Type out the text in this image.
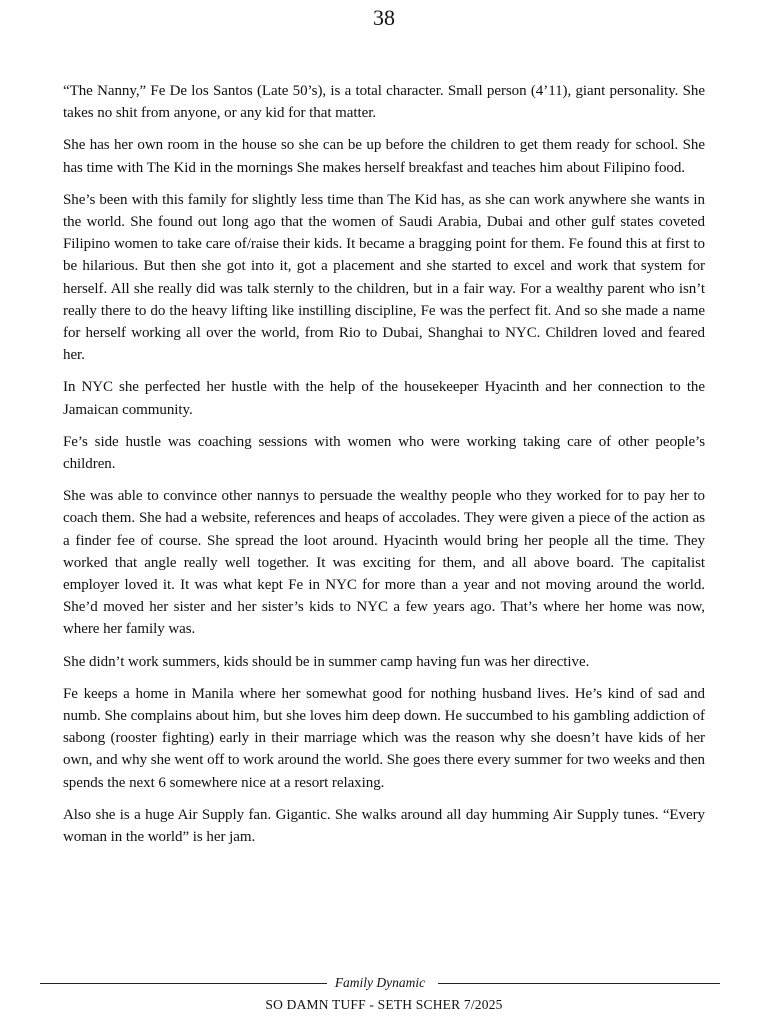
38

“The Nanny,” Fe De los Santos (Late 50’s), is a total character. Small person (4’11), giant personality. She takes no shit from anyone, or any kid for that matter.

She has her own room in the house so she can be up before the children to get them ready for school. She has time with The Kid in the mornings She makes herself breakfast and teaches him about Filipino food.

She’s been with this family for slightly less time than The Kid has, as she can work anywhere she wants in the world. She found out long ago that the women of Saudi Arabia, Dubai and other gulf states coveted Filipino women to take care of/raise their kids. It became a bragging point for them. Fe found this at first to be hilarious. But then she got into it, got a placement and she started to excel and work that system for herself. All she really did was talk sternly to the children, but in a fair way. For a wealthy parent who isn’t really there to do the heavy lifting like instilling discipline, Fe was the perfect fit. And so she made a name for herself working all over the world, from Rio to Dubai, Shanghai to NYC. Children loved and feared her.

In NYC she perfected her hustle with the help of the housekeeper Hyacinth and her connection to the Jamaican community.

Fe’s side hustle was coaching sessions with women who were working taking care of other people’s children.

She was able to convince other nannys to persuade the wealthy people who they worked for to pay her to coach them. She had a website, references and heaps of accolades. They were given a piece of the action as a finder fee of course. She spread the loot around. Hyacinth would bring her people all the time. They worked that angle really well together. It was exciting for them, and all above board. The capitalist employer loved it. It was what kept Fe in NYC for more than a year and not moving around the world. She’d moved her sister and her sister’s kids to NYC a few years ago. That’s where her home was now, where her family was.

She didn’t work summers, kids should be in summer camp having fun was her directive.

Fe keeps a home in Manila where her somewhat good for nothing husband lives. He’s kind of sad and numb. She complains about him, but she loves him deep down. He succumbed to his gambling addiction of sabong (rooster fighting) early in their marriage which was the reason why she doesn’t have kids of her own, and why she went off to work around the world. She goes there every summer for two weeks and then spends the next 6 somewhere nice at a resort relaxing.

Also she is a huge Air Supply fan. Gigantic. She walks around all day humming Air Supply tunes. “Every woman in the world” is her jam.

Family Dynamic
SO DAMN TUFF - SETH SCHER 7/2025
